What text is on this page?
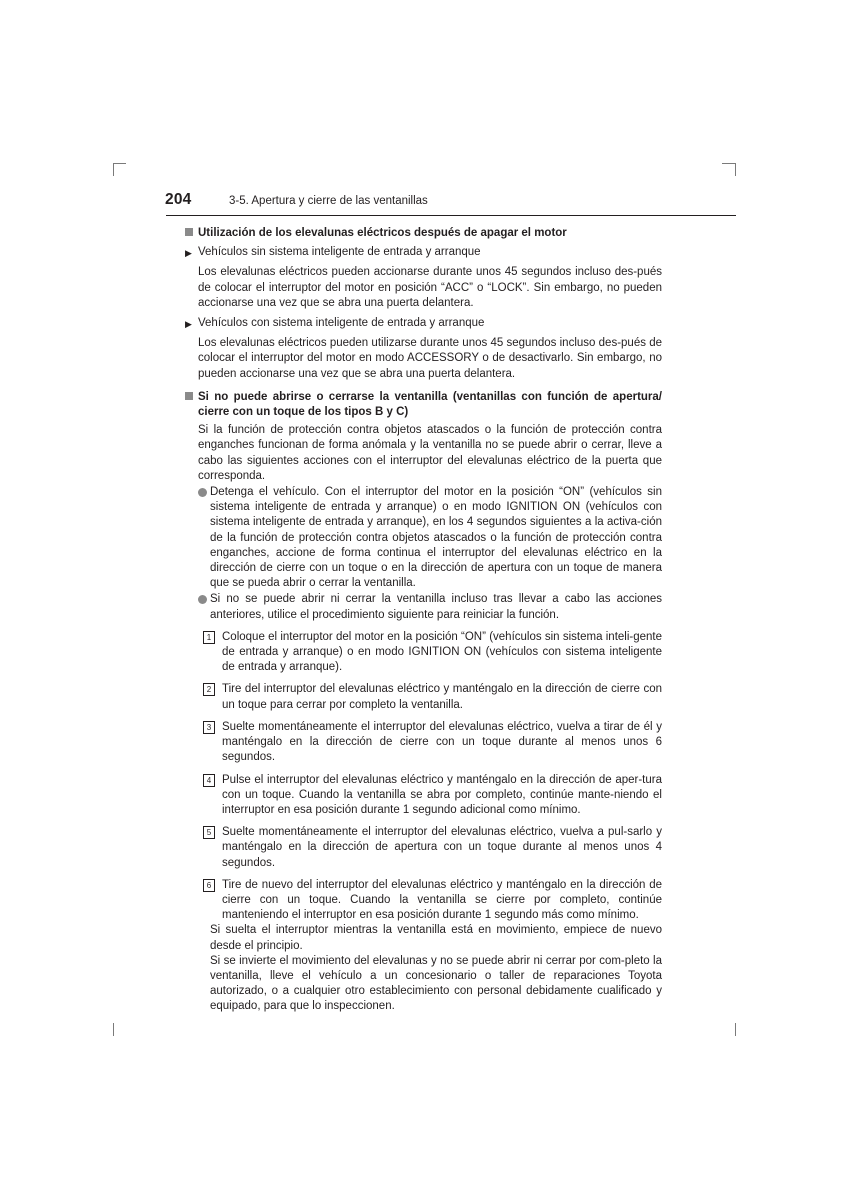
204	3-5. Apertura y cierre de las ventanillas
Utilización de los elevalunas eléctricos después de apagar el motor
▶ Vehículos sin sistema inteligente de entrada y arranque
Los elevalunas eléctricos pueden accionarse durante unos 45 segundos incluso des-pués de colocar el interruptor del motor en posición “ACC” o “LOCK”. Sin embargo, no pueden accionarse una vez que se abra una puerta delantera.
▶ Vehículos con sistema inteligente de entrada y arranque
Los elevalunas eléctricos pueden utilizarse durante unos 45 segundos incluso des-pués de colocar el interruptor del motor en modo ACCESSORY o de desactivarlo. Sin embargo, no pueden accionarse una vez que se abra una puerta delantera.
Si no puede abrirse o cerrarse la ventanilla (ventanillas con función de apertura/ cierre con un toque de los tipos B y C)
Si la función de protección contra objetos atascados o la función de protección contra enganches funcionan de forma anómala y la ventanilla no se puede abrir o cerrar, lleve a cabo las siguientes acciones con el interruptor del elevalunas eléctrico de la puerta que corresponda.
Detenga el vehículo. Con el interruptor del motor en la posición “ON” (vehículos sin sistema inteligente de entrada y arranque) o en modo IGNITION ON (vehículos con sistema inteligente de entrada y arranque), en los 4 segundos siguientes a la activa-ción de la función de protección contra objetos atascados o la función de protección contra enganches, accione de forma continua el interruptor del elevalunas eléctrico en la dirección de cierre con un toque o en la dirección de apertura con un toque de manera que se pueda abrir o cerrar la ventanilla.
Si no se puede abrir ni cerrar la ventanilla incluso tras llevar a cabo las acciones anteriores, utilice el procedimiento siguiente para reiniciar la función.
1 Coloque el interruptor del motor en la posición “ON” (vehículos sin sistema inteli-gente de entrada y arranque) o en modo IGNITION ON (vehículos con sistema inteligente de entrada y arranque).
2 Tire del interruptor del elevalunas eléctrico y manténgalo en la dirección de cierre con un toque para cerrar por completo la ventanilla.
3 Suelte momentáneamente el interruptor del elevalunas eléctrico, vuelva a tirar de él y manténgalo en la dirección de cierre con un toque durante al menos unos 6 segundos.
4 Pulse el interruptor del elevalunas eléctrico y manténgalo en la dirección de aper-tura con un toque. Cuando la ventanilla se abra por completo, continúe mante-niendo el interruptor en esa posición durante 1 segundo adicional como mínimo.
5 Suelte momentáneamente el interruptor del elevalunas eléctrico, vuelva a pul-sarlo y manténgalo en la dirección de apertura con un toque durante al menos unos 4 segundos.
6 Tire de nuevo del interruptor del elevalunas eléctrico y manténgalo en la dirección de cierre con un toque. Cuando la ventanilla se cierre por completo, continúe manteniendo el interruptor en esa posición durante 1 segundo más como mínimo.
Si suelta el interruptor mientras la ventanilla está en movimiento, empiece de nuevo desde el principio.
Si se invierte el movimiento del elevalunas y no se puede abrir ni cerrar por com-pleto la ventanilla, lleve el vehículo a un concesionario o taller de reparaciones Toyota autorizado, o a cualquier otro establecimiento con personal debidamente cualificado y equipado, para que lo inspeccionen.
